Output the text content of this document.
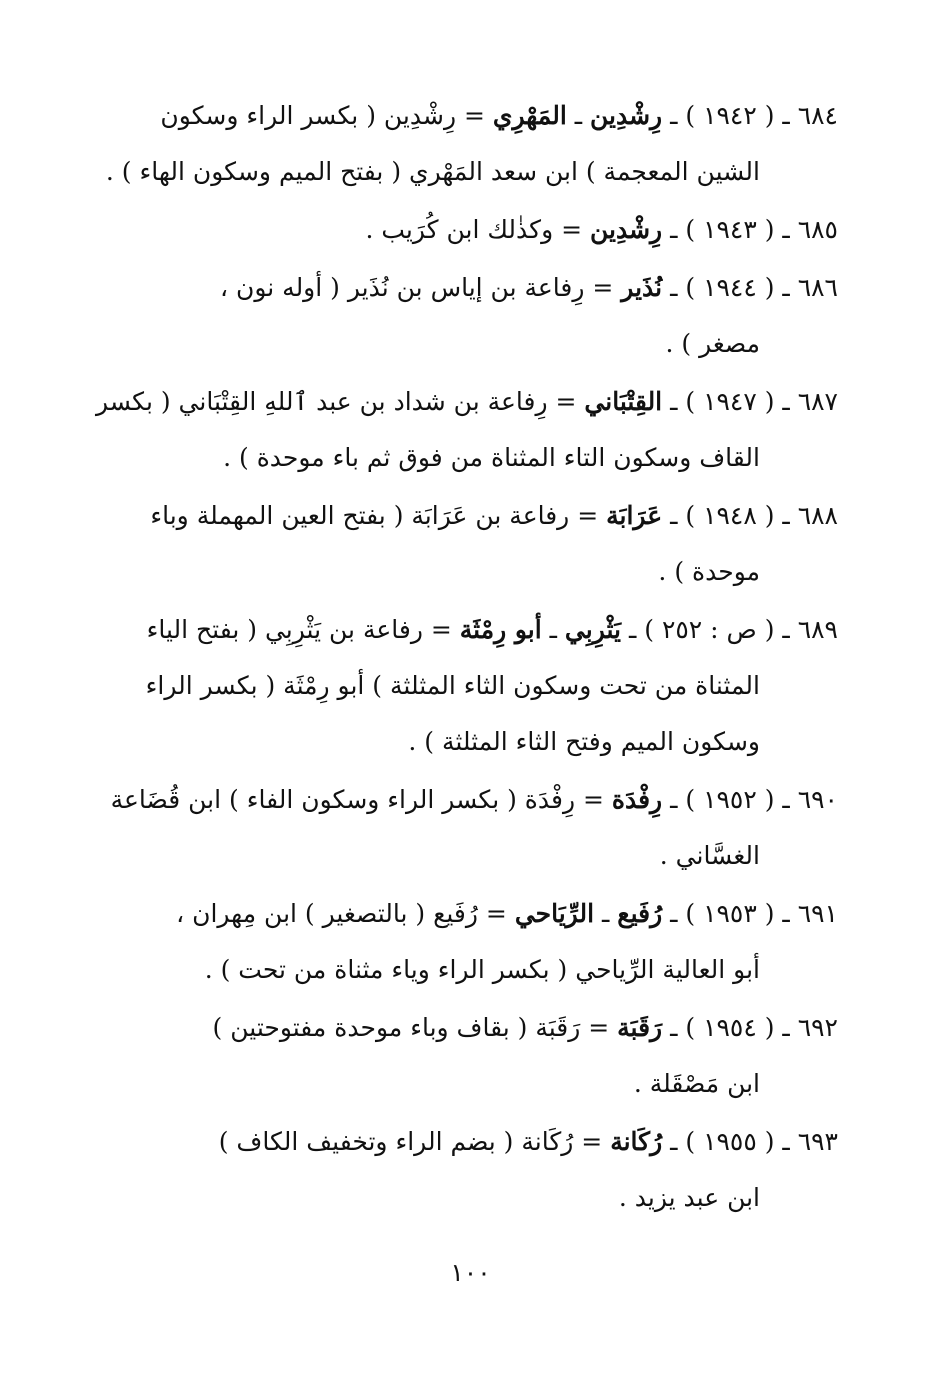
٦٨٤ ـ ( ١٩٤٢ ) ـ رِشْدِين ـ المَهْرِي = رِشْدِين ( بكسر الراء وسكون
الشين المعجمة ) ابن سعد المَهْري ( بفتح الميم وسكون الهاء ) .
٦٨٥ ـ ( ١٩٤٣ ) ـ رِشْدِين = وكذٰلك ابن كُرَيب .
٦٨٦ ـ ( ١٩٤٤ ) ـ نُذَير = رِفاعة بن إياس بن نُذَير ( أوله نون ،
مصغر ) .
٦٨٧ ـ ( ١٩٤٧ ) ـ القِتْبَاني = رِفاعة بن شداد بن عبد ٱللهِ القِتْبَاني ( بكسر
القاف وسكون التاء المثناة من فوق ثم باء موحدة ) .
٦٨٨ ـ ( ١٩٤٨ ) ـ عَرَابَة = رفاعة بن عَرَابَة ( بفتح العين المهملة وباء
موحدة ) .
٦٨٩ ـ ( ص : ٢٥٢ ) ـ يَثْرِبِي ـ أبو رِمْثَة = رفاعة بن يَثْرِبِي ( بفتح الياء
المثناة من تحت وسكون الثاء المثلثة ) أبو رِمْثَة ( بكسر الراء
وسكون الميم وفتح الثاء المثلثة ) .
٦٩٠ ـ ( ١٩٥٢ ) ـ رِفْدَة = رِفْدَة ( بكسر الراء وسكون الفاء ) ابن قُضَاعة
الغسَّاني .
٦٩١ ـ ( ١٩٥٣ ) ـ رُفَيع ـ الرِّيَاحي = رُفَيع ( بالتصغير ) ابن مِهران ،
أبو العالية الرِّياحي ( بكسر الراء وياء مثناة من تحت ) .
٦٩٢ ـ ( ١٩٥٤ ) ـ رَقَبَة = رَقَبَة ( بقاف وباء موحدة مفتوحتين )
ابن مَصْقَلة .
٦٩٣ ـ ( ١٩٥٥ ) ـ رُكَانة = رُكَانة ( بضم الراء وتخفيف الكاف )
ابن عبد يزيد .
١٠٠
